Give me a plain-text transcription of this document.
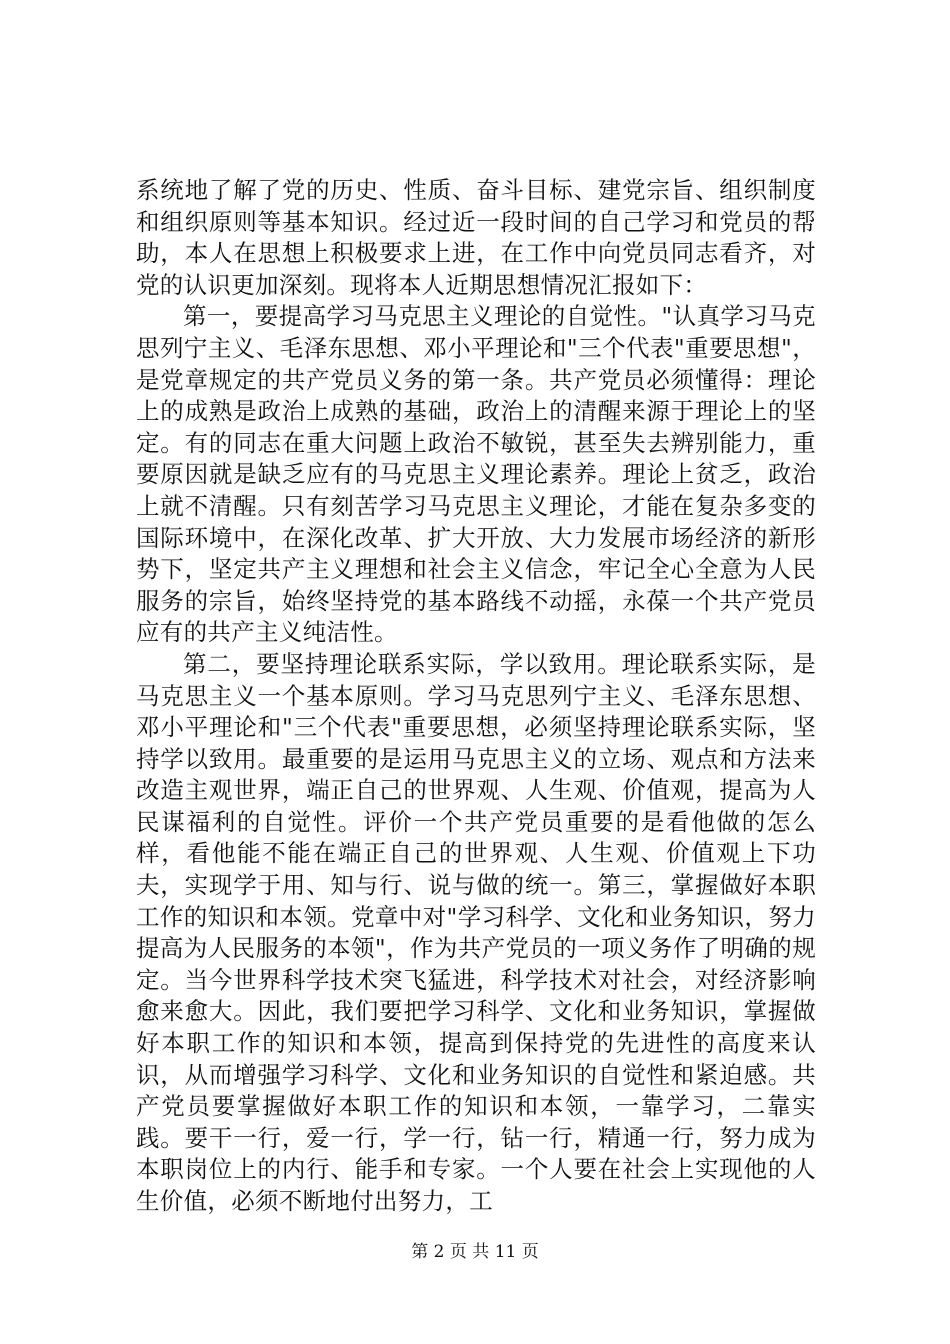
系统地了解了党的历史、性质、奋斗目标、建党宗旨、组织制度和组织原则等基本知识。经过近一段时间的自己学习和党员的帮助，本人在思想上积极要求上进，在工作中向党员同志看齐，对党的认识更加深刻。现将本人近期思想情况汇报如下：

第一，要提高学习马克思主义理论的自觉性。"认真学习马克思列宁主义、毛泽东思想、邓小平理论和"三个代表"重要思想"，是党章规定的共产党员义务的第一条。共产党员必须懂得：理论上的成熟是政治上成熟的基础，政治上的清醒来源于理论上的坚定。有的同志在重大问题上政治不敏锐，甚至失去辨别能力，重要原因就是缺乏应有的马克思主义理论素养。理论上贫乏，政治上就不清醒。只有刻苦学习马克思主义理论，才能在复杂多变的国际环境中，在深化改革、扩大开放、大力发展市场经济的新形势下，坚定共产主义理想和社会主义信念，牢记全心全意为人民服务的宗旨，始终坚持党的基本路线不动摇，永葆一个共产党员应有的共产主义纯洁性。

第二，要坚持理论联系实际，学以致用。理论联系实际，是马克思主义一个基本原则。学习马克思列宁主义、毛泽东思想、邓小平理论和"三个代表"重要思想，必须坚持理论联系实际，坚持学以致用。最重要的是运用马克思主义的立场、观点和方法来改造主观世界，端正自己的世界观、人生观、价值观，提高为人民谋福利的自觉性。评价一个共产党员重要的是看他做的怎么样，看他能不能在端正自己的世界观、人生观、价值观上下功夫，实现学于用、知与行、说与做的统一。第三，掌握做好本职工作的知识和本领。党章中对"学习科学、文化和业务知识，努力提高为人民服务的本领"，作为共产党员的一项义务作了明确的规定。当今世界科学技术突飞猛进，科学技术对社会，对经济影响愈来愈大。因此，我们要把学习科学、文化和业务知识，掌握做好本职工作的知识和本领，提高到保持党的先进性的高度来认识，从而增强学习科学、文化和业务知识的自觉性和紧迫感。共产党员要掌握做好本职工作的知识和本领，一靠学习，二靠实践。要干一行，爱一行，学一行，钻一行，精通一行，努力成为本职岗位上的内行、能手和专家。一个人要在社会上实现他的人生价值，必须不断地付出努力，工

第 2 页 共 11 页
